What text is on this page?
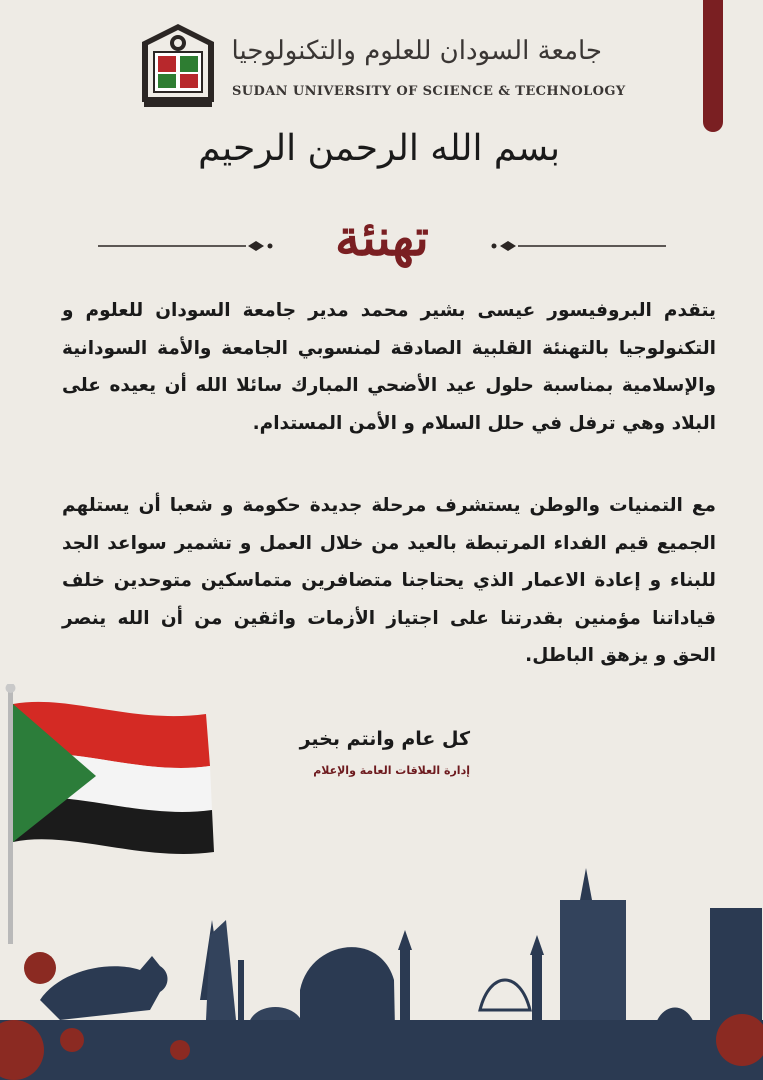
جامعة السودان للعلوم والتكنولوجيا
SUDAN UNIVERSITY OF SCIENCE & TECHNOLOGY
بسم الله الرحمن الرحيم
تهنئة
يتقدم البروفيسور عيسى بشير محمد مدير جامعة السودان للعلوم و التكنولوجيا بالتهنئة القلبية الصادقة لمنسوبي الجامعة والأمة السودانية والإسلامية بمناسبة حلول عيد الأضحي المبارك سائلا الله أن يعيده على البلاد وهي ترفل في حلل السلام و الأمن المستدام.
مع التمنيات والوطن يستشرف مرحلة جديدة حكومة و شعبا أن يستلهم الجميع قيم الفداء المرتبطة بالعيد من خلال العمل و تشمير سواعد الجد للبناء و إعادة الاعمار الذي يحتاجنا متضافرين متماسكين متوحدين خلف قياداتنا مؤمنين بقدرتنا على اجتياز الأزمات واثقين من أن الله ينصر الحق و يزهق الباطل.
كل عام وانتم بخير
إدارة العلاقات العامة والإعلام
